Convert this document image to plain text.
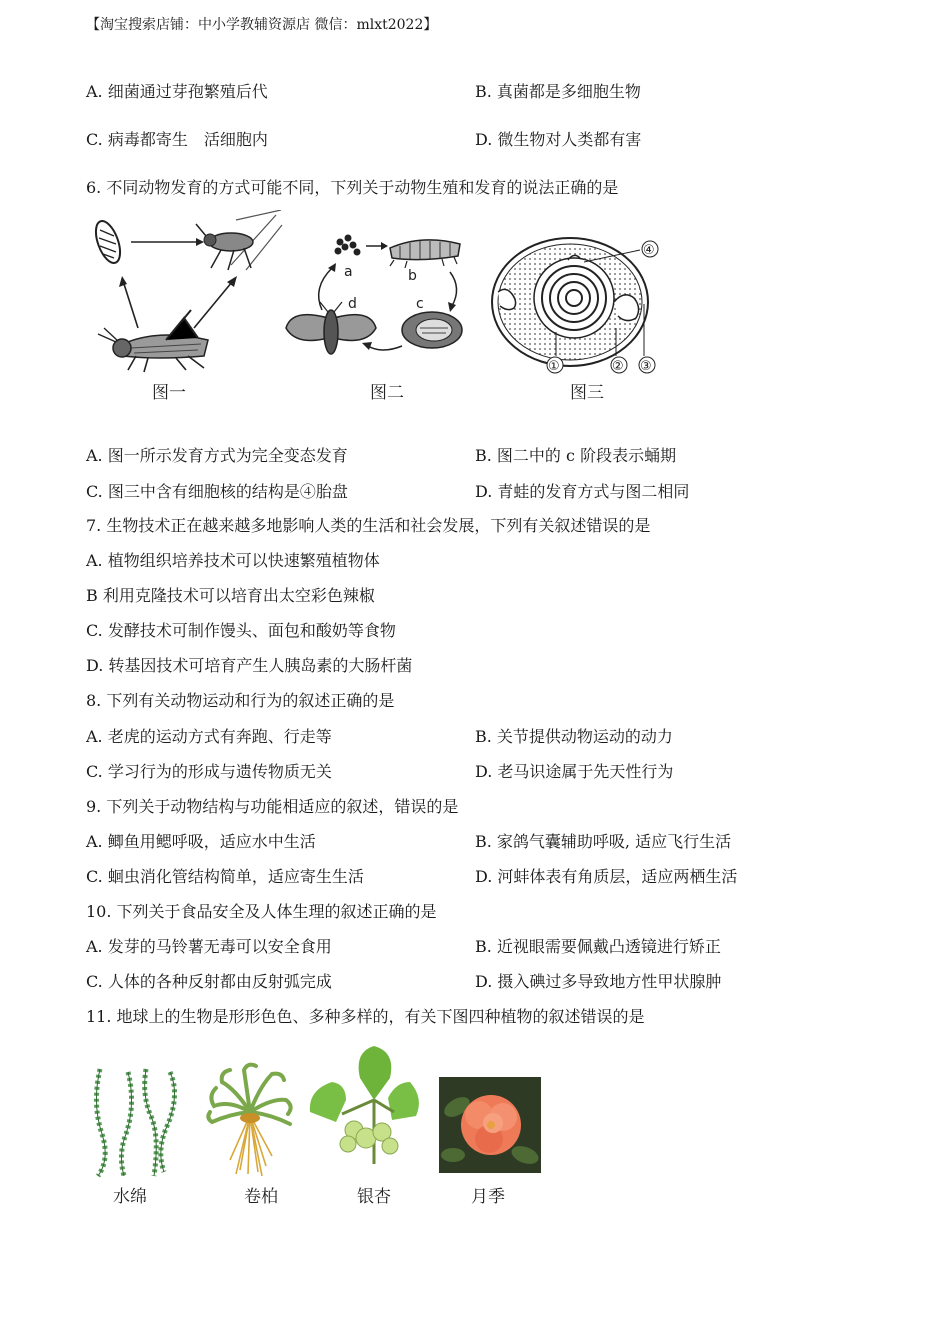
【淘宝搜索店铺：中小学教辅资源店 微信：mlxt2022】
A. 细菌通过芽孢繁殖后代	B. 真菌都是多细胞生物
C. 病毒都寄生　活细胞内	D. 微生物对人类都有害
6. 不同动物发育的方式可能不同，下列关于动物生殖和发育的说法正确的是
图一
a	b
c
d
图二
①	② ③
④
图三
A. 图一所示发育方式为完全变态发育	B. 图二中的 c 阶段表示蛹期
C. 图三中含有细胞核的结构是④胎盘	D. 青蛙的发育方式与图二相同
7. 生物技术正在越来越多地影响人类的生活和社会发展，下列有关叙述错误的是
A. 植物组织培养技术可以快速繁殖植物体
B 利用克隆技术可以培育出太空彩色辣椒
C. 发酵技术可制作馒头、面包和酸奶等食物
D. 转基因技术可培育产生人胰岛素的大肠杆菌
8. 下列有关动物运动和行为的叙述正确的是
A. 老虎的运动方式有奔跑、行走等	B. 关节提供动物运动的动力
C. 学习行为的形成与遗传物质无关	D. 老马识途属于先天性行为
9. 下列关于动物结构与功能相适应的叙述，错误的是
A. 鲫鱼用鳃呼吸，适应水中生活	B. 家鸽气囊辅助呼吸, 适应飞行生活
C. 蛔虫消化管结构简单，适应寄生生活	D. 河蚌体表有角质层，适应两栖生活
10. 下列关于食品安全及人体生理的叙述正确的是
A. 发芽的马铃薯无毒可以安全食用	B. 近视眼需要佩戴凸透镜进行矫正
C. 人体的各种反射都由反射弧完成	D. 摄入碘过多导致地方性甲状腺肿
11. 地球上的生物是形形色色、多种多样的，有关下图四种植物的叙述错误的是
水绵	卷柏	银杏	月季
